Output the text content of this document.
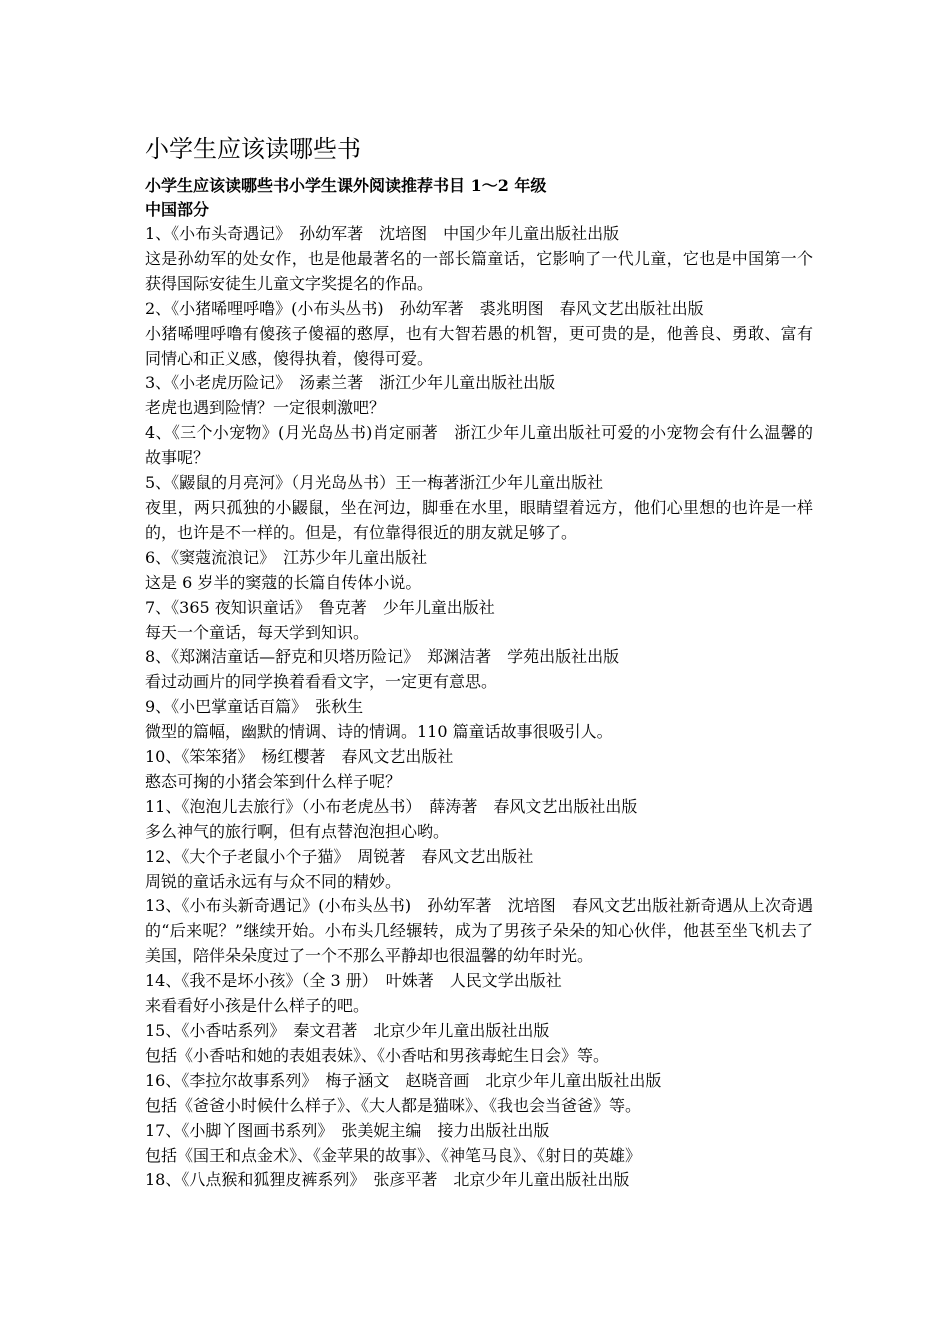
小学生应该读哪些书

小学生应该读哪些书小学生课外阅读推荐书目 1～2 年级

中国部分

1、《小布头奇遇记》　孙幼军著　沈培图　中国少年儿童出版社出版

这是孙幼军的处女作，也是他最著名的一部长篇童话，它影响了一代儿童，它也是中国第一个获得国际安徒生儿童文字奖提名的作品。

2、《小猪唏哩呼噜》(小布头丛书)　孙幼军著　裘兆明图　春风文艺出版社出版

小猪唏哩呼噜有傻孩子傻福的憨厚，也有大智若愚的机智，更可贵的是，他善良、勇敢、富有同情心和正义感，傻得执着，傻得可爱。

3、《小老虎历险记》　汤素兰著　浙江少年儿童出版社出版

老虎也遇到险情？一定很刺激吧？

4、《三个小宠物》(月光岛丛书)肖定丽著　浙江少年儿童出版社可爱的小宠物会有什么温馨的故事呢？

5、《鼹鼠的月亮河》（月光岛丛书）王一梅著浙江少年儿童出版社

夜里，两只孤独的小鼹鼠，坐在河边，脚垂在水里，眼睛望着远方，他们心里想的也许是一样的，也许是不一样的。但是，有位靠得很近的朋友就足够了。

6、《窦蔻流浪记》　江苏少年儿童出版社

这是 6 岁半的窦蔻的长篇自传体小说。

7、《365 夜知识童话》　鲁克著　少年儿童出版社

每天一个童话，每天学到知识。

8、《郑渊洁童话—舒克和贝塔历险记》　郑渊洁著　学苑出版社出版

看过动画片的同学换着看看文字，一定更有意思。

9、《小巴掌童话百篇》　张秋生

微型的篇幅，幽默的情调、诗的情调。110 篇童话故事很吸引人。

10、《笨笨猪》　杨红樱著　春风文艺出版社

憨态可掬的小猪会笨到什么样子呢？

11、《泡泡儿去旅行》（小布老虎丛书）　薛涛著　春风文艺出版社出版

多么神气的旅行啊，但有点替泡泡担心哟。

12、《大个子老鼠小个子猫》　周锐著　春风文艺出版社

周锐的童话永远有与众不同的精妙。

13、《小布头新奇遇记》(小布头丛书)　孙幼军著　沈培图　春风文艺出版社新奇遇从上次奇遇的“后来呢？”继续开始。小布头几经辗转，成为了男孩子朵朵的知心伙伴，他甚至坐飞机去了美国，陪伴朵朵度过了一个不那么平静却也很温馨的幼年时光。

14、《我不是坏小孩》（全 3 册）　叶姝著　人民文学出版社

来看看好小孩是什么样子的吧。

15、《小香咕系列》　秦文君著　北京少年儿童出版社出版

包括《小香咕和她的表姐表妹》、《小香咕和男孩毒蛇生日会》等。

16、《李拉尔故事系列》　梅子涵文　赵晓音画　北京少年儿童出版社出版

包括《爸爸小时候什么样子》、《大人都是猫咪》、《我也会当爸爸》等。

17、《小脚丫图画书系列》　张美妮主编　接力出版社出版

包括《国王和点金术》、《金苹果的故事》、《神笔马良》、《射日的英雄》

18、《八点猴和狐狸皮裤系列》　张彦平著　北京少年儿童出版社出版
